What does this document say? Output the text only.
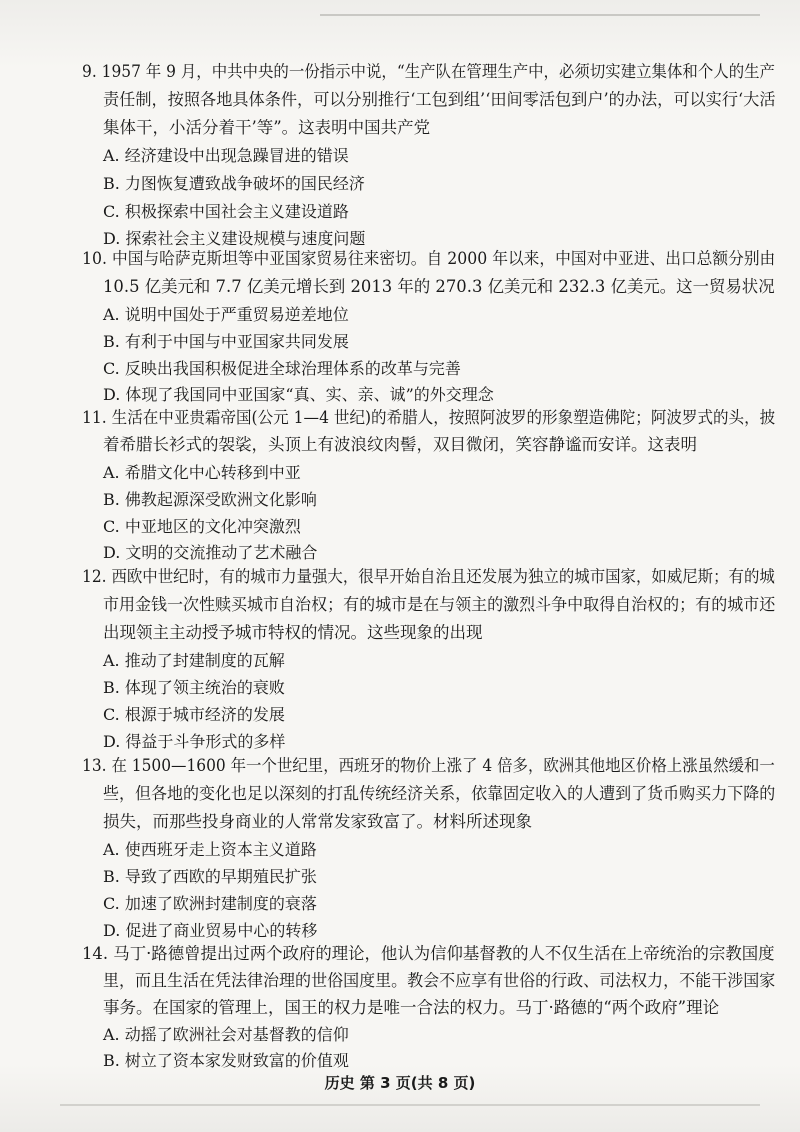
9. 1957 年 9 月，中共中央的一份指示中说，“生产队在管理生产中，必须切实建立集体和个人的生产
责任制，按照各地具体条件，可以分别推行‘工包到组’‘田间零活包到户’的办法，可以实行‘大活
集体干，小活分着干’等”。这表明中国共产党
A. 经济建设中出现急躁冒进的错误
B. 力图恢复遭致战争破坏的国民经济
C. 积极探索中国社会主义建设道路
D. 探索社会主义建设规模与速度问题
10. 中国与哈萨克斯坦等中亚国家贸易往来密切。自 2000 年以来，中国对中亚进、出口总额分别由
10.5 亿美元和 7.7 亿美元增长到 2013 年的 270.3 亿美元和 232.3 亿美元。这一贸易状况
A. 说明中国处于严重贸易逆差地位
B. 有利于中国与中亚国家共同发展
C. 反映出我国积极促进全球治理体系的改革与完善
D. 体现了我国同中亚国家“真、实、亲、诚”的外交理念
11. 生活在中亚贵霜帝国(公元 1—4 世纪)的希腊人，按照阿波罗的形象塑造佛陀；阿波罗式的头，披
着希腊长衫式的袈裟，头顶上有波浪纹肉髻，双目微闭，笑容静谧而安详。这表明
A. 希腊文化中心转移到中亚
B. 佛教起源深受欧洲文化影响
C. 中亚地区的文化冲突激烈
D. 文明的交流推动了艺术融合
12. 西欧中世纪时，有的城市力量强大，很早开始自治且还发展为独立的城市国家，如威尼斯；有的城
市用金钱一次性赎买城市自治权；有的城市是在与领主的激烈斗争中取得自治权的；有的城市还
出现领主主动授予城市特权的情况。这些现象的出现
A. 推动了封建制度的瓦解
B. 体现了领主统治的衰败
C. 根源于城市经济的发展
D. 得益于斗争形式的多样
13. 在 1500—1600 年一个世纪里，西班牙的物价上涨了 4 倍多，欧洲其他地区价格上涨虽然缓和一
些，但各地的变化也足以深刻的打乱传统经济关系，依靠固定收入的人遭到了货币购买力下降的
损失，而那些投身商业的人常常发家致富了。材料所述现象
A. 使西班牙走上资本主义道路
B. 导致了西欧的早期殖民扩张
C. 加速了欧洲封建制度的衰落
D. 促进了商业贸易中心的转移
14. 马丁·路德曾提出过两个政府的理论，他认为信仰基督教的人不仅生活在上帝统治的宗教国度
里，而且生活在凭法律治理的世俗国度里。教会不应享有世俗的行政、司法权力，不能干涉国家
事务。在国家的管理上，国王的权力是唯一合法的权力。马丁·路德的“两个政府”理论
A. 动摇了欧洲社会对基督教的信仰
B. 树立了资本家发财致富的价值观
历史 第 3 页(共 8 页)
